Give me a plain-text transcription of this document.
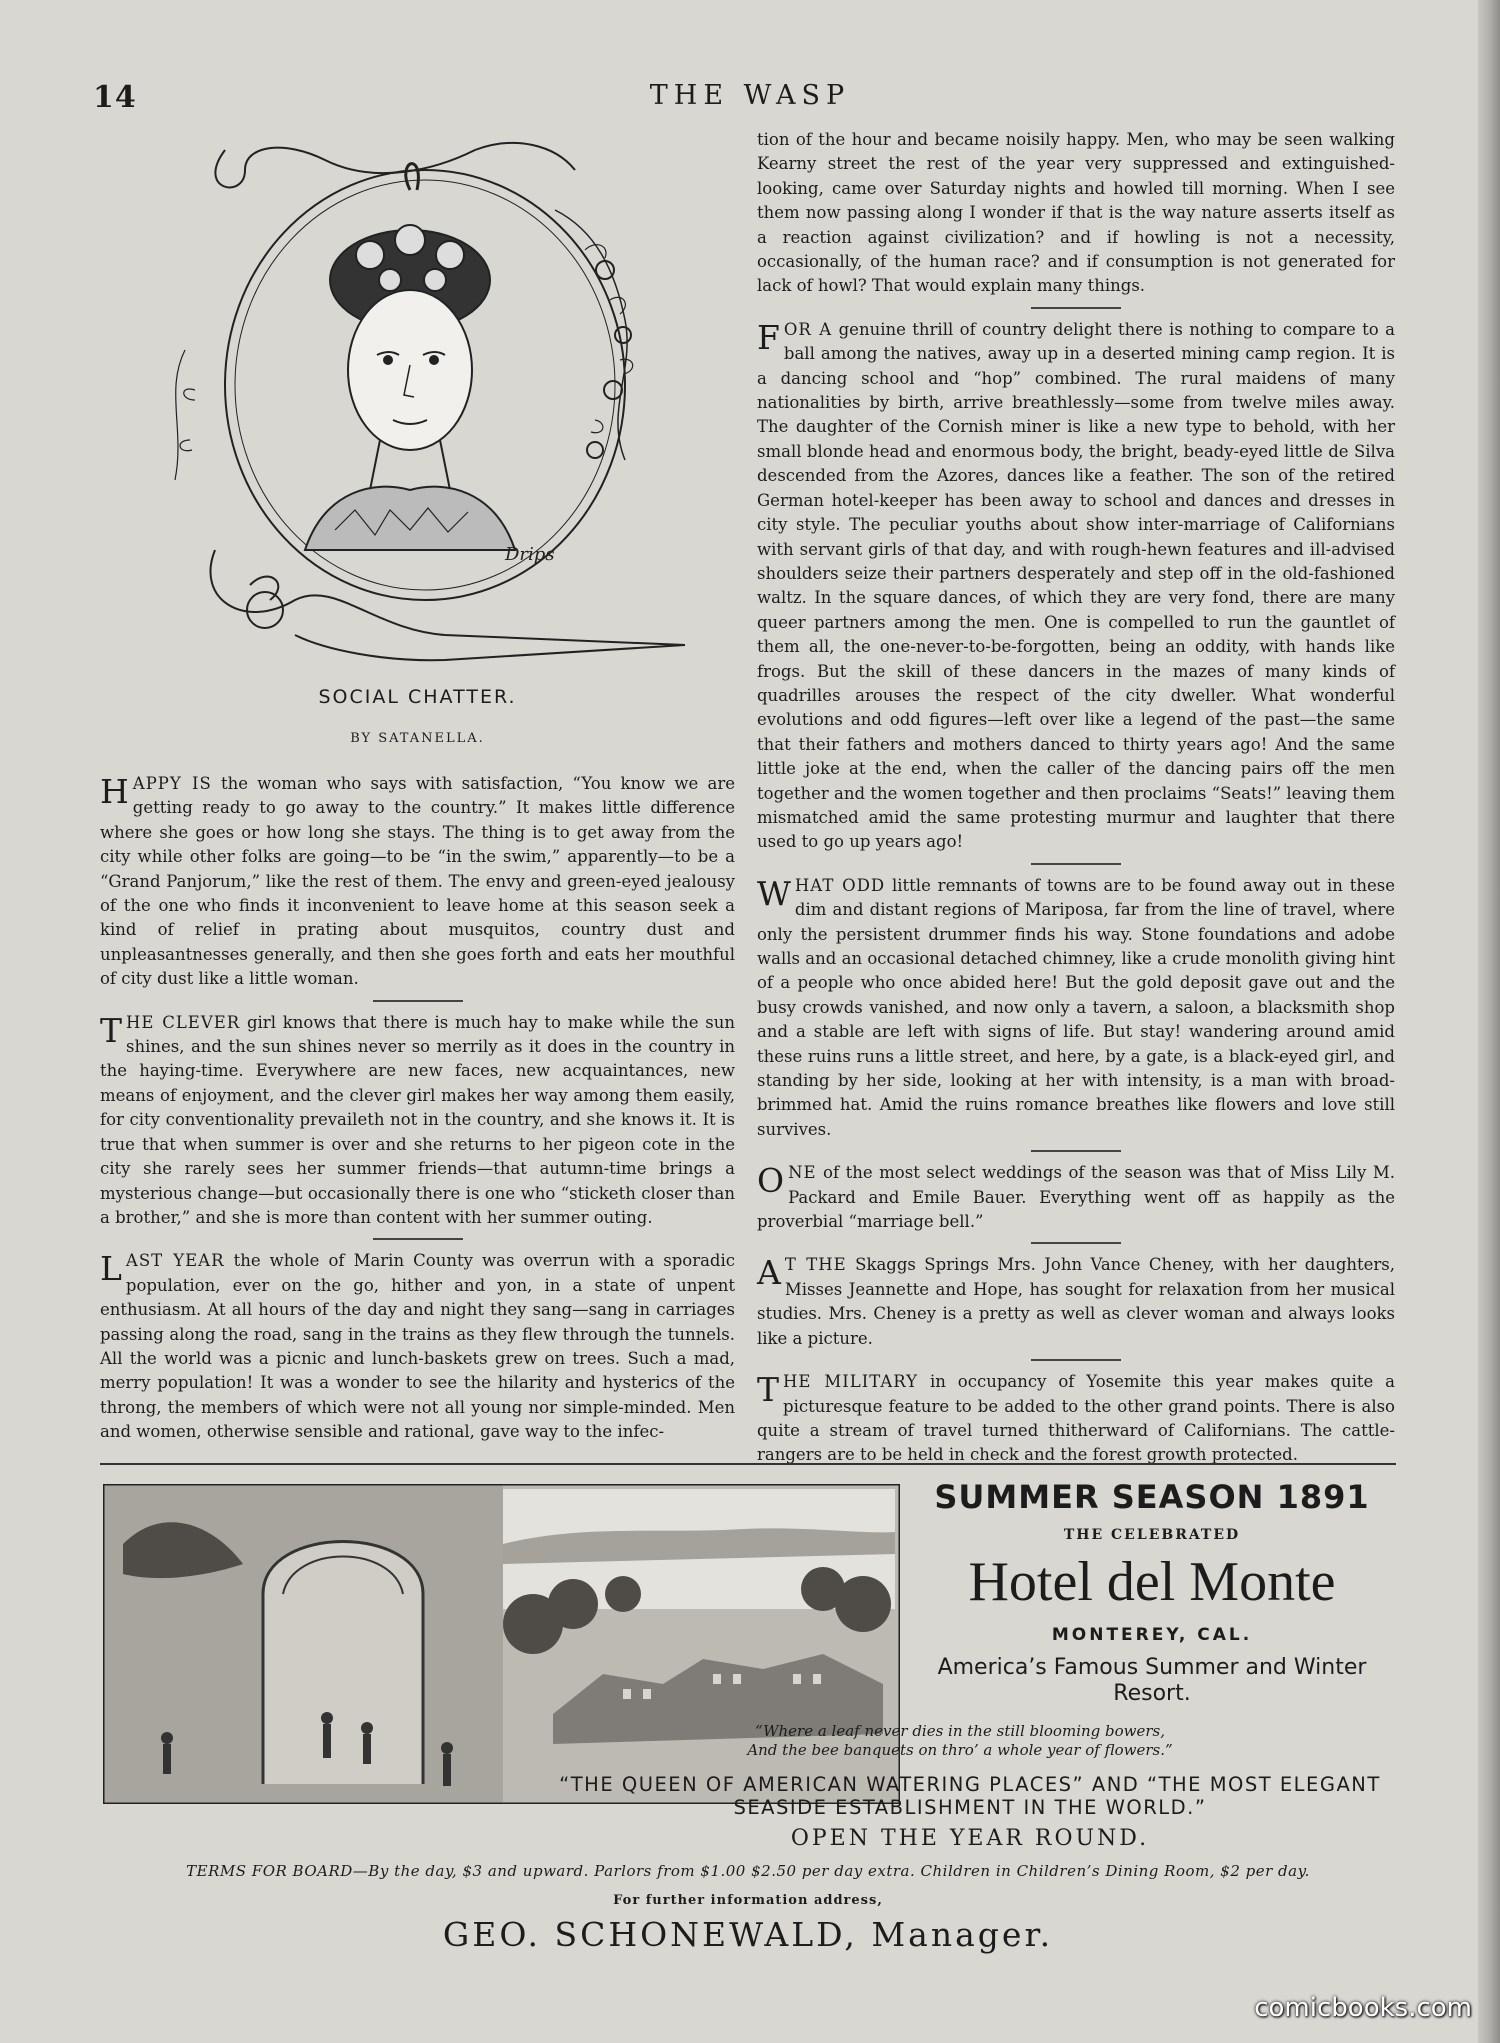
14	THE WASP
Drips
SOCIAL CHATTER.
BY SATANELLA.

HAPPY IS the woman who says with satisfaction, “You know we are getting ready to go away to the country.” It makes little difference where she goes or how long she stays. The thing is to get away from the city while other folks are going—to be “in the swim,” apparently—to be a “Grand Panjorum,” like the rest of them. The envy and green-eyed jealousy of the one who finds it inconvenient to leave home at this season seek a kind of relief in prating about musquitos, country dust and unpleasantnesses generally, and then she goes forth and eats her mouthful of city dust like a little woman.

THE CLEVER girl knows that there is much hay to make while the sun shines, and the sun shines never so merrily as it does in the country in the haying-time. Everywhere are new faces, new acquaintances, new means of enjoyment, and the clever girl makes her way among them easily, for city conventionality prevaileth not in the country, and she knows it. It is true that when summer is over and she returns to her pigeon cote in the city she rarely sees her summer friends—that autumn-time brings a mysterious change—but occasionally there is one who “sticketh closer than a brother,” and she is more than content with her summer outing.

LAST YEAR the whole of Marin County was overrun with a sporadic population, ever on the go, hither and yon, in a state of unpent enthusiasm. At all hours of the day and night they sang—sang in carriages passing along the road, sang in the trains as they flew through the tunnels. All the world was a picnic and lunch-baskets grew on trees. Such a mad, merry population! It was a wonder to see the hilarity and hysterics of the throng, the members of which were not all young nor simple-minded. Men and women, otherwise sensible and rational, gave way to the infec-

tion of the hour and became noisily happy. Men, who may be seen walking Kearny street the rest of the year very suppressed and extinguished-looking, came over Saturday nights and howled till morning. When I see them now passing along I wonder if that is the way nature asserts itself as a reaction against civilization? and if howling is not a necessity, occasionally, of the human race? and if consumption is not generated for lack of howl? That would explain many things.

FOR A genuine thrill of country delight there is nothing to compare to a ball among the natives, away up in a deserted mining camp region. It is a dancing school and “hop” combined. The rural maidens of many nationalities by birth, arrive breathlessly—some from twelve miles away. The daughter of the Cornish miner is like a new type to behold, with her small blonde head and enormous body, the bright, beady-eyed little de Silva descended from the Azores, dances like a feather. The son of the retired German hotel-keeper has been away to school and dances and dresses in city style. The peculiar youths about show inter-marriage of Californians with servant girls of that day, and with rough-hewn features and ill-advised shoulders seize their partners desperately and step off in the old-fashioned waltz. In the square dances, of which they are very fond, there are many queer partners among the men. One is compelled to run the gauntlet of them all, the one-never-to-be-forgotten, being an oddity, with hands like frogs. But the skill of these dancers in the mazes of many kinds of quadrilles arouses the respect of the city dweller. What wonderful evolutions and odd figures—left over like a legend of the past—the same that their fathers and mothers danced to thirty years ago! And the same little joke at the end, when the caller of the dancing pairs off the men together and the women together and then proclaims “Seats!” leaving them mismatched amid the same protesting murmur and laughter that there used to go up years ago!

WHAT ODD little remnants of towns are to be found away out in these dim and distant regions of Mariposa, far from the line of travel, where only the persistent drummer finds his way. Stone foundations and adobe walls and an occasional detached chimney, like a crude monolith giving hint of a people who once abided here! But the gold deposit gave out and the busy crowds vanished, and now only a tavern, a saloon, a blacksmith shop and a stable are left with signs of life. But stay! wandering around amid these ruins runs a little street, and here, by a gate, is a black-eyed girl, and standing by her side, looking at her with intensity, is a man with broad-brimmed hat. Amid the ruins romance breathes like flowers and love still survives.

ONE of the most select weddings of the season was that of Miss Lily M. Packard and Emile Bauer. Everything went off as happily as the proverbial “marriage bell.”

A T THE Skaggs Springs Mrs. John Vance Cheney, with her daughters, Misses Jeannette and Hope, has sought for relaxation from her musical studies. Mrs. Cheney is a pretty as well as clever woman and always looks like a picture.

THE MILITARY in occupancy of Yosemite this year makes quite a picturesque feature to be added to the other grand points. There is also quite a stream of travel turned thitherward of Californians. The cattle-rangers are to be held in check and the forest growth protected.

SUMMER SEASON 1891
THE CELEBRATED
Hotel del Monte
MONTEREY, CAL.
America’s Famous Summer and Winter Resort.
“Where a leaf never dies in the still blooming bowers,
And the bee banquets on thro’ a whole year of flowers.”
“THE QUEEN OF AMERICAN WATERING PLACES” AND “THE MOST ELEGANT SEASIDE ESTABLISHMENT IN THE WORLD.”
OPEN THE YEAR ROUND.
TERMS FOR BOARD—By the day, $3 and upward. Parlors from $1.00 $2.50 per day extra. Children in Children’s Dining Room, $2 per day.
For further information address,
GEO. SCHONEWALD, Manager.
comicbooks.com
